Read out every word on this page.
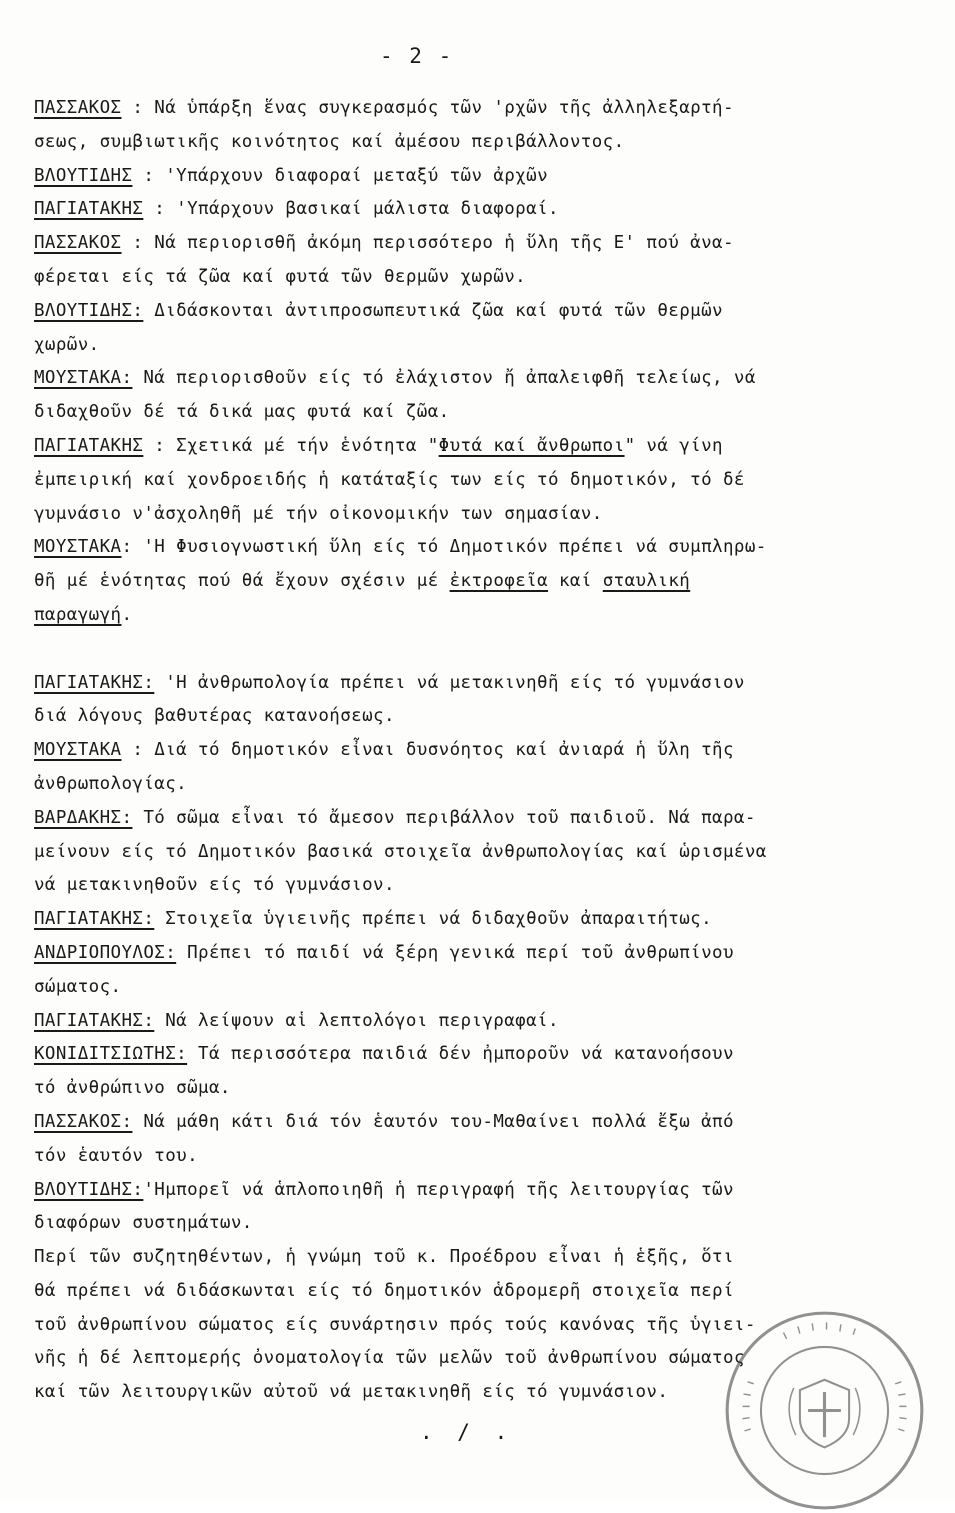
- 2 -
ΠΑΣΣΑΚΟΣ : Νά ὑπάρξη ἕνας συγκερασμός τῶν 'ρχῶν τῆς ἀλληλεξαρτή-
σεως, συμβιωτικῆς κοινότητος καί ἀμέσου περιβάλλοντος.
ΒΛΟΥΤΙΔΗΣ : 'Υπάρχουν διαφοραί μεταξύ τῶν ἀρχῶν
ΠΑΓΙΑΤΑΚΗΣ : 'Υπάρχουν βασικαί μάλιστα διαφοραί.
ΠΑΣΣΑΚΟΣ : Νά περιορισθῆ ἀκόμη περισσότερο ἡ ὕλη τῆς Ε' πού ἀνα-
φέρεται είς τά ζῶα καί φυτά τῶν θερμῶν χωρῶν.
ΒΛΟΥΤΙΔΗΣ: Διδάσκονται ἀντιπροσωπευτικά ζῶα καί φυτά τῶν θερμῶν
χωρῶν.
ΜΟΥΣΤΑΚΑ: Νά περιορισθοῦν είς τό ἐλάχιστον ἤ ἀπαλειφθῆ τελείως, νά
διδαχθοῦν δέ τά δικά μας φυτά καί ζῶα.
ΠΑΓΙΑΤΑΚΗΣ : Σχετικά μέ τήν ἑνότητα "Φυτά καί ἄνθρωποι" νά γίνη
ἐμπειρική καί χονδροειδής ἡ κατάταξίς των είς τό δημοτικόν, τό δέ
γυμνάσιο ν'ἀσχοληθῆ μέ τήν οἰκονομικήν των σημασίαν.
ΜΟΥΣΤΑΚΑ: 'Η Φυσιογνωστική ὕλη είς τό Δημοτικόν πρέπει νά συμπληρω-
θῆ μέ ἑνότητας πού θά ἔχουν σχέσιν μέ ἐκτροφεῖα καί σταυλική
παραγωγή.
ΠΑΓΙΑΤΑΚΗΣ: 'Η ἀνθρωπολογία πρέπει νά μετακινηθῆ είς τό γυμνάσιον
διά λόγους βαθυτέρας κατανοήσεως.
ΜΟΥΣΤΑΚΑ : Διά τό δημοτικόν εἶναι δυσνόητος καί ἀνιαρά ἡ ὕλη τῆς
ἀνθρωπολογίας.
ΒΑΡΔΑΚΗΣ: Τό σῶμα εἶναι τό ἄμεσον περιβάλλον τοῦ παιδιοῦ. Νά παρα-
μείνουν είς τό Δημοτικόν βασικά στοιχεῖα ἀνθρωπολογίας καί ὡρισμένα
νά μετακινηθοῦν είς τό γυμνάσιον.
ΠΑΓΙΑΤΑΚΗΣ: Στοιχεῖα ὑγιεινῆς πρέπει νά διδαχθοῦν ἀπαραιτήτως.
ΑΝΔΡΙΟΠΟΥΛΟΣ: Πρέπει τό παιδί νά ξέρη γενικά περί τοῦ ἀνθρωπίνου
σώματος.
ΠΑΓΙΑΤΑΚΗΣ: Νά λείψουν αἱ λεπτολόγοι περιγραφαί.
ΚΟΝΙΔΙΤΣΙΩΤΗΣ: Τά περισσότερα παιδιά δέν ἠμποροῦν νά κατανοήσουν
τό ἀνθρώπινο σῶμα.
ΠΑΣΣΑΚΟΣ: Νά μάθη κάτι διά τόν ἑαυτόν του-Μαθαίνει πολλά ἔξω ἀπό
τόν ἑαυτόν του.
ΒΛΟΥΤΙΔΗΣ:'Ημπορεῖ νά ἁπλοποιηθῆ ἡ περιγραφή τῆς λειτουργίας τῶν
διαφόρων συστημάτων.
Περί τῶν συζητηθέντων, ἡ γνώμη τοῦ κ. Προέδρου εἶναι ἡ ἑξῆς, ὅτι
θά πρέπει νά διδάσκωνται είς τό δημοτικόν ἁδρομερῆ στοιχεῖα περί
τοῦ ἀνθρωπίνου σώματος είς συνάρτησιν πρός τούς κανόνας τῆς ὑγιει-
νῆς ἡ δέ λεπτομερής ὀνοματολογία τῶν μελῶν τοῦ ἀνθρωπίνου σώματος
καί τῶν λειτουργικῶν αὐτοῦ νά μετακινηθῆ είς τό γυμνάσιον.
. / .
